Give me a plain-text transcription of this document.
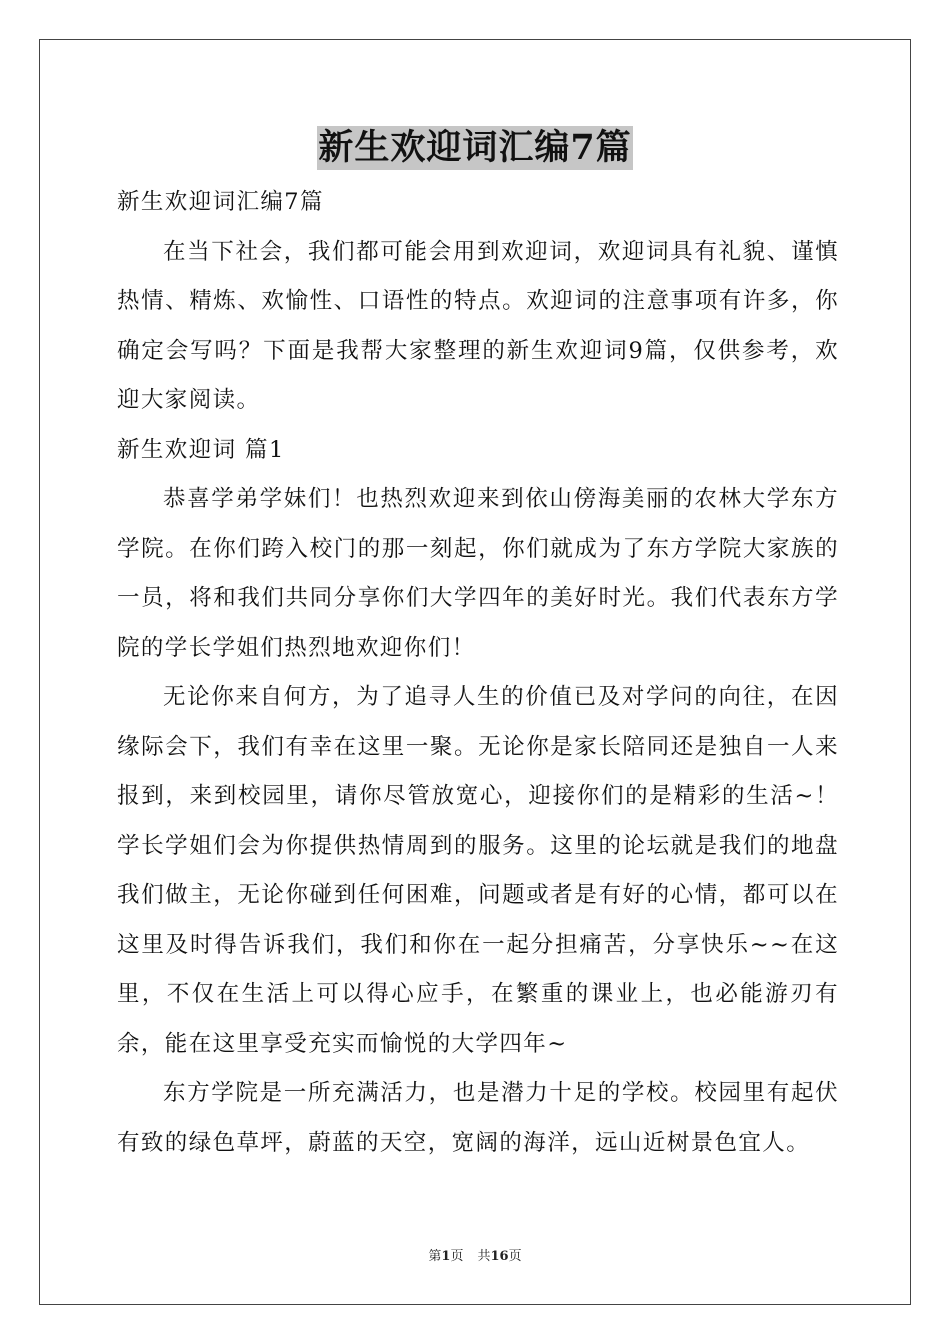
新生欢迎词汇编7篇
新生欢迎词汇编7篇
在当下社会，我们都可能会用到欢迎词，欢迎词具有礼貌、谨慎热情、精炼、欢愉性、口语性的特点。欢迎词的注意事项有许多，你确定会写吗？下面是我帮大家整理的新生欢迎词9篇，仅供参考，欢迎大家阅读。
新生欢迎词 篇1
恭喜学弟学妹们！也热烈欢迎来到依山傍海美丽的农林大学东方学院。在你们跨入校门的那一刻起，你们就成为了东方学院大家族的一员，将和我们共同分享你们大学四年的美好时光。我们代表东方学院的学长学姐们热烈地欢迎你们！
无论你来自何方，为了追寻人生的价值已及对学问的向往，在因缘际会下，我们有幸在这里一聚。无论你是家长陪同还是独自一人来报到，来到校园里，请你尽管放宽心，迎接你们的是精彩的生活~！学长学姐们会为你提供热情周到的服务。这里的论坛就是我们的地盘我们做主，无论你碰到任何困难，问题或者是有好的心情，都可以在这里及时得告诉我们，我们和你在一起分担痛苦，分享快乐~~在这里，不仅在生活上可以得心应手，在繁重的课业上，也必能游刃有余，能在这里享受充实而愉悦的大学四年~
东方学院是一所充满活力，也是潜力十足的学校。校园里有起伏有致的绿色草坪，蔚蓝的天空，宽阔的海洋，远山近树景色宜人。
第1页 共16页
